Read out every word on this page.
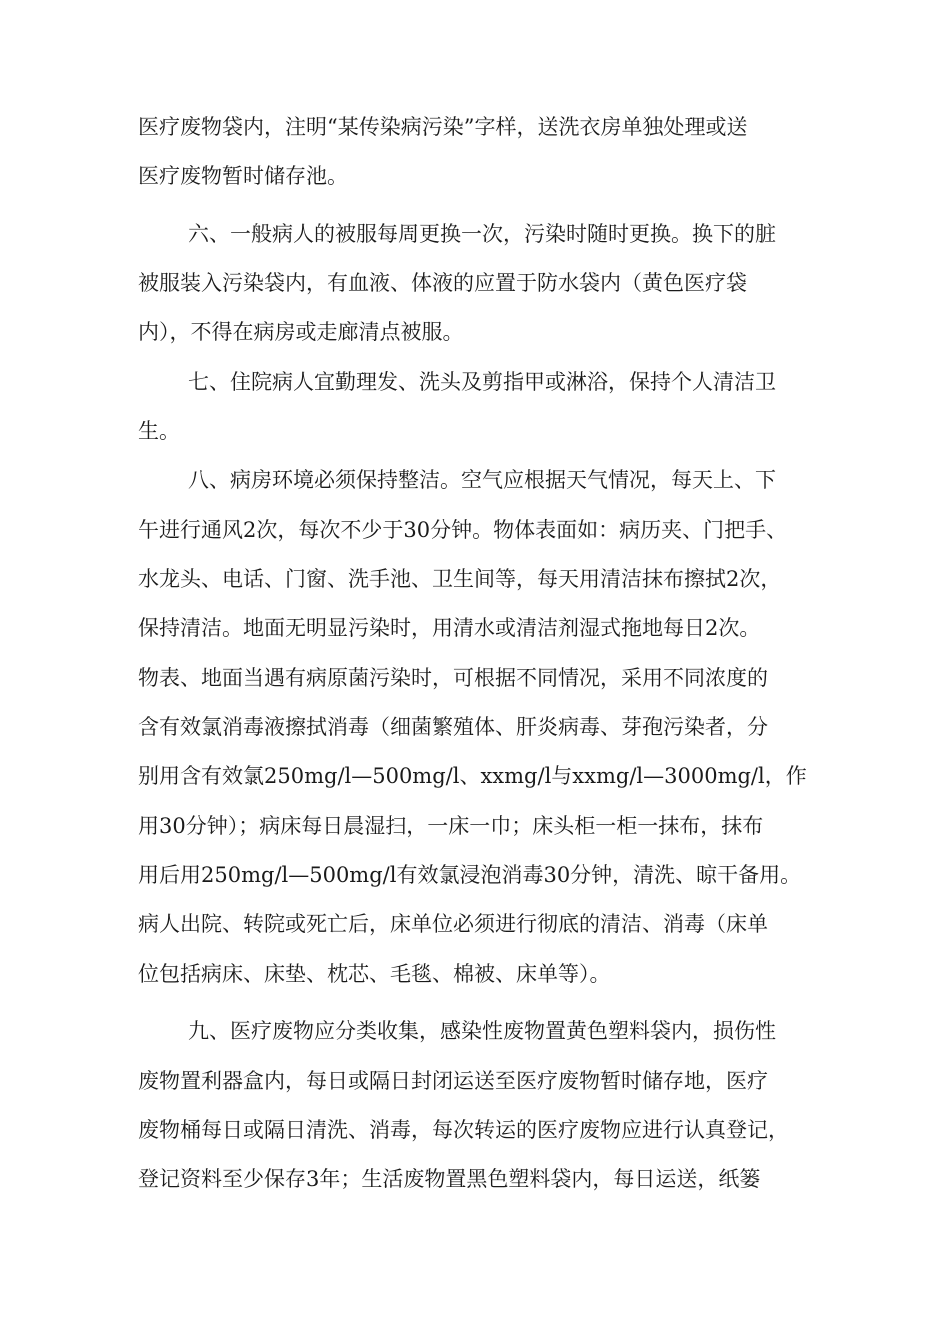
医疗废物袋内，注明“某传染病污染”字样，送洗衣房单独处理或送
医疗废物暂时储存池。
六、一般病人的被服每周更换一次，污染时随时更换。换下的脏
被服装入污染袋内，有血液、体液的应置于防水袋内（黄色医疗袋
内），不得在病房或走廊清点被服。
七、住院病人宜勤理发、洗头及剪指甲或淋浴，保持个人清洁卫
生。
八、病房环境必须保持整洁。空气应根据天气情况，每天上、下
午进行通风2次，每次不少于30分钟。物体表面如：病历夹、门把手、
水龙头、电话、门窗、洗手池、卫生间等，每天用清洁抹布擦拭2次，
保持清洁。地面无明显污染时，用清水或清洁剂湿式拖地每日2次。
物表、地面当遇有病原菌污染时，可根据不同情况，采用不同浓度的
含有效氯消毒液擦拭消毒（细菌繁殖体、肝炎病毒、芽孢污染者，分
别用含有效氯250mg/l—500mg/l、xxmg/l与xxmg/l—3000mg/l，作
用30分钟）；病床每日晨湿扫，一床一巾；床头柜一柜一抹布，抹布
用后用250mg/l—500mg/l有效氯浸泡消毒30分钟，清洗、晾干备用。
病人出院、转院或死亡后，床单位必须进行彻底的清洁、消毒（床单
位包括病床、床垫、枕芯、毛毯、棉被、床单等）。
九、医疗废物应分类收集，感染性废物置黄色塑料袋内，损伤性
废物置利器盒内，每日或隔日封闭运送至医疗废物暂时储存地，医疗
废物桶每日或隔日清洗、消毒，每次转运的医疗废物应进行认真登记，
登记资料至少保存3年；生活废物置黑色塑料袋内，每日运送，纸篓
